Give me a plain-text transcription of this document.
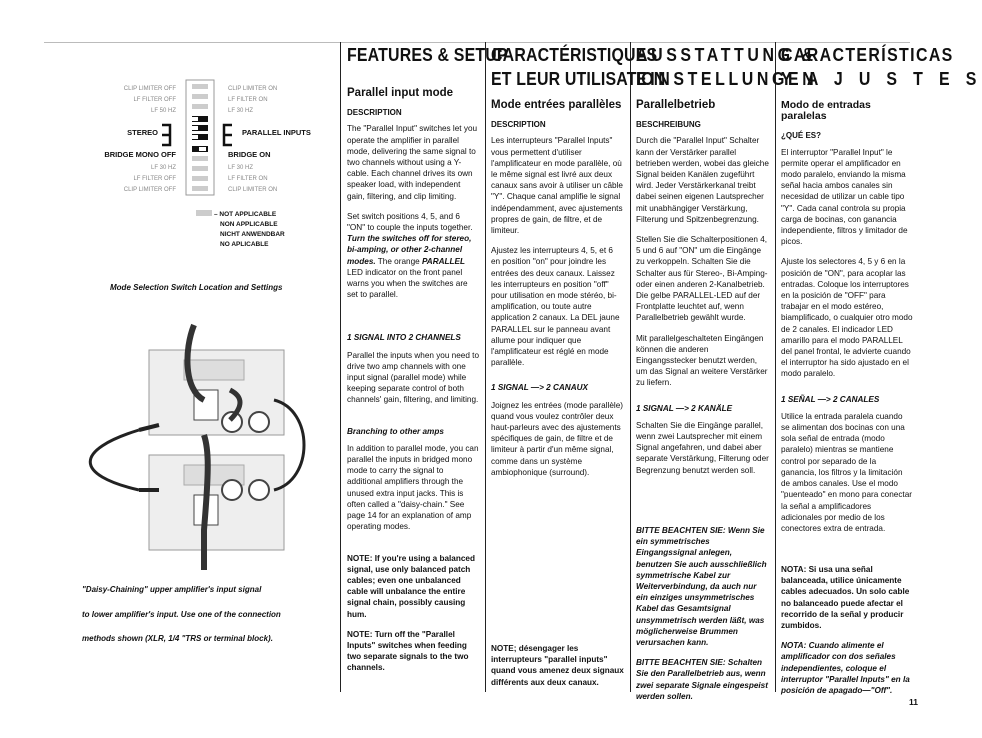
CLIP LIMITER OFF
LF FILTER OFF
LF 50 HZ
STEREO
BRIDGE MONO OFF
LF 30 HZ
LF FILTER OFF
CLIP LIMITER OFF
CLIP LIMITER ON
LF FILTER ON
LF 30 HZ
PARALLEL INPUTS
BRIDGE ON
LF 30 HZ
LF FILTER ON
CLIP LIMITER ON
– NOT APPLICABLE
NON APPLICABLE
NICHT ANWENDBAR
NO APLICABLE
Mode Selection Switch Location and Settings
"Daisy-Chaining" upper amplifier's input signal
to lower amplifier's input. Use one of the connection
methods shown (XLR, 1/4 "TRS or terminal block).
FEATURES & SETUP
Parallel input mode
DESCRIPTION

The "Parallel Input" switches let you operate the amplifier in parallel mode, delivering the same signal to two channels without using a Y-cable. Each channel drives its own speaker load, with independent gain, filtering, and clip limiting.

Set switch positions 4, 5, and 6 "ON" to couple the inputs together. Turn the switches off for stereo, bi-amping, or other 2-channel modes. The orange PARALLEL LED indicator on the front panel warns you when the switches are set to parallel.

1 SIGNAL INTO 2 CHANNELS

Parallel the inputs when you need to drive two amp channels with one input signal (parallel mode) while keeping separate control of both channels' gain, filtering, and limiting.

Branching to other amps

In addition to parallel mode, you can parallel the inputs in bridged mono mode to carry the signal to additional amplifiers through the unused extra input jacks. This is often called a "daisy-chain." See page 14 for an explanation of amp operating modes.

NOTE: If you're using a balanced signal, use only balanced patch cables; even one unbalanced cable will unbalance the entire signal chain, possibly causing hum.

NOTE: Turn off the "Parallel Inputs" switches when feeding two separate signals to the two channels.

CARACTÉRISTIQUES
ET LEUR UTILISATION
Mode entrées parallèles
DESCRIPTION

Les interrupteurs "Parallel Inputs" vous permettent d'utiliser l'amplificateur en mode parallèle, où le même signal est livré aux deux canaux sans avoir à utiliser un câble "Y". Chaque canal amplifie le signal indépendamment, avec ajustements propres de gain, de filtre, et de limiteur.

Ajustez les interrupteurs 4, 5, et 6 en position "on" pour joindre les entrées des deux canaux. Laissez les interrupteurs en position "off" pour utilisation en mode stéréo, bi-amplification, ou toute autre application 2 canaux. La DEL jaune PARALLEL sur le panneau avant allume pour indiquer que l'amplificateur est réglé en mode parallèle.

1 SIGNAL —> 2 CANAUX

Joignez les entrées (mode parallèle) quand vous voulez contrôler deux haut-parleurs avec des ajustements spécifiques de gain, de filtre et de limiteur à partir d'un même signal, comme dans un système ambiophonique (surround).

NOTE; désengager les interrupteurs "parallel inputs" quand vous amenez deux signaux différents aux deux canaux.

AUSSTATTUNG &
EINSTELLUNGEN
Parallelbetrieb
BESCHREIBUNG

Durch die "Parallel Input" Schalter kann der Verstärker parallel betrieben werden, wobei das gleiche Signal beiden Kanälen zugeführt wird. Jeder Verstärkerkanal treibt dabei seinen eigenen Lautsprecher mit unabhängiger Verstärkung, Filterung und Spitzenbegrenzung.

Stellen Sie die Schalterpositionen 4, 5 und 6 auf "ON" um die Eingänge zu verkoppeln. Schalten Sie die Schalter aus für Stereo-, Bi-Amping- oder einen anderen 2-Kanalbetrieb. Die gelbe PARALLEL-LED auf der Frontplatte leuchtet auf, wenn Parallelbetrieb gewählt wurde.

Mit parallelgeschalteten Eingängen können die anderen Eingangsstecker benutzt werden, um das Signal an weitere Verstärker zu liefern.

1 SIGNAL —> 2 KANÄLE

Schalten Sie die Eingänge parallel, wenn zwei Lautsprecher mit einem Signal angefahren, und dabei aber separate Verstärkung, Filterung oder Begrenzung benutzt werden soll.

BITTE BEACHTEN SIE: Wenn Sie ein symmetrisches Eingangssignal anlegen, benutzen Sie auch ausschließlich symmetrische Kabel zur Weiterverbindung, da auch nur ein einziges unsymmetrisches Kabel das Gesamtsignal unsymmetrisch werden läßt, was möglicherweise Brummen verursachen kann.

BITTE BEACHTEN SIE: Schalten Sie den Parallelbetrieb aus, wenn zwei separate Signale eingespeist werden sollen.

CARACTERÍSTICAS
Y A J U S T E S
Modo de entradas paralelas
¿QUÉ ES?

El interruptor "Parallel Input" le permite operar el amplificador en modo paralelo, enviando la misma señal hacia ambos canales sin necesidad de utilizar un cable tipo "Y". Cada canal controla su propia carga de bocinas, con ganancia independiente, filtros y limitador de picos.

Ajuste los selectores 4, 5 y 6 en la posición de "ON", para acoplar las entradas. Coloque los interruptores en la posición de "OFF" para trabajar en el modo estéreo, biamplificado, o cualquier otro modo de 2 canales. El indicador LED amarillo para el modo PARALLEL del panel frontal, le advierte cuando el interruptor ha sido ajustado en el modo paralelo.

1 SEÑAL —> 2 CANALES

Utilice la entrada paralela cuando se alimentan dos bocinas con una sola señal de entrada (modo paralelo) mientras se mantiene control por separado de la ganancia, los filtros y la limitación de ambos canales. Use el modo "puenteado" en mono para conectar la señal a amplificadores adicionales por medio de los conectores extra de entrada.

NOTA: Si usa una señal balanceada, utilice únicamente cables adecuados. Un solo cable no balanceado puede afectar el recorrido de la señal y producir zumbidos.

NOTA: Cuando alimente el amplificador con dos señales independientes, coloque el interruptor "Parallel Inputs" en la posición de apagado—"Off".

11
